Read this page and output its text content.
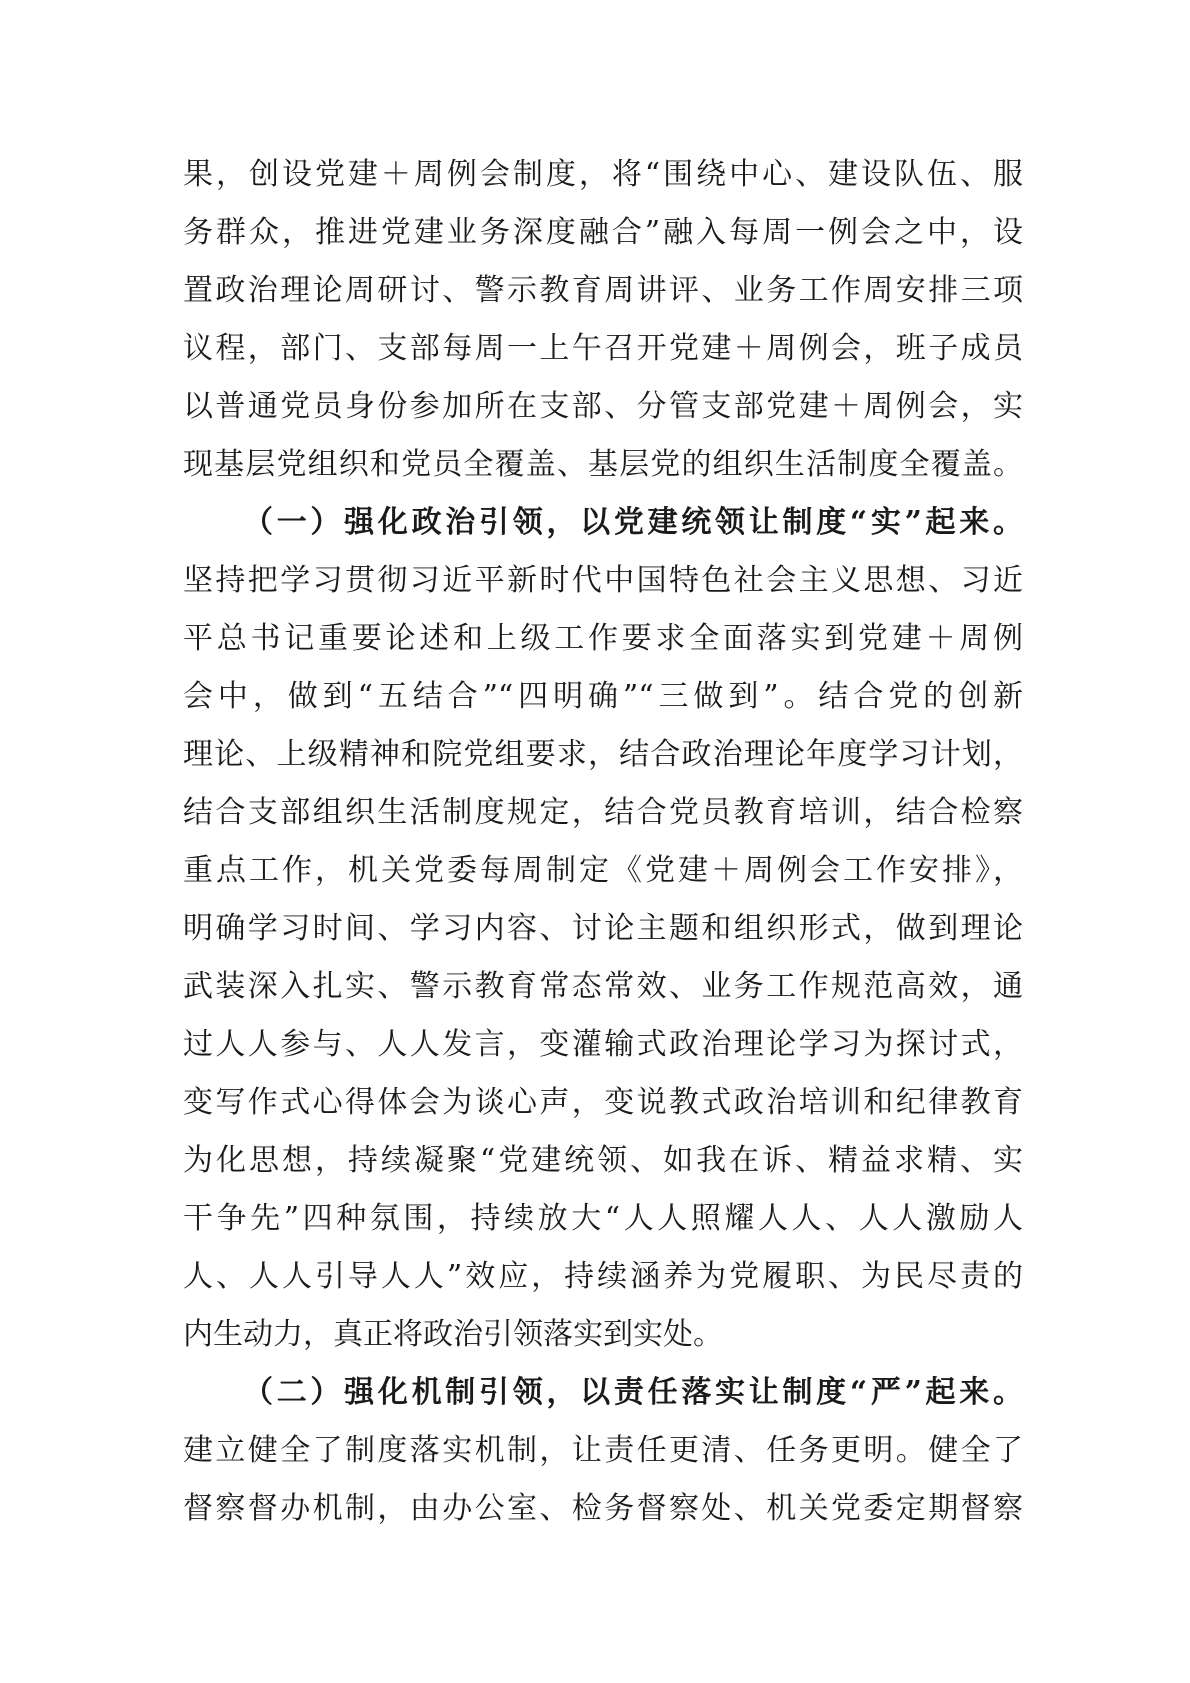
果，创设党建＋周例会制度，将“围绕中心、建设队伍、服
务群众，推进党建业务深度融合”融入每周一例会之中，设
置政治理论周研讨、警示教育周讲评、业务工作周安排三项
议程，部门、支部每周一上午召开党建＋周例会，班子成员
以普通党员身份参加所在支部、分管支部党建＋周例会，实
现基层党组织和党员全覆盖、基层党的组织生活制度全覆盖。
（一）强化政治引领，以党建统领让制度“实”起来。
坚持把学习贯彻习近平新时代中国特色社会主义思想、习近
平总书记重要论述和上级工作要求全面落实到党建＋周例
会中，做到“五结合”“四明确”“三做到”。结合党的创新
理论、上级精神和院党组要求，结合政治理论年度学习计划，
结合支部组织生活制度规定，结合党员教育培训，结合检察
重点工作，机关党委每周制定《党建＋周例会工作安排》，
明确学习时间、学习内容、讨论主题和组织形式，做到理论
武装深入扎实、警示教育常态常效、业务工作规范高效，通
过人人参与、人人发言，变灌输式政治理论学习为探讨式，
变写作式心得体会为谈心声，变说教式政治培训和纪律教育
为化思想，持续凝聚“党建统领、如我在诉、精益求精、实
干争先”四种氛围，持续放大“人人照耀人人、人人激励人
人、人人引导人人”效应，持续涵养为党履职、为民尽责的
内生动力，真正将政治引领落实到实处。
（二）强化机制引领，以责任落实让制度“严”起来。
建立健全了制度落实机制，让责任更清、任务更明。健全了
督察督办机制，由办公室、检务督察处、机关党委定期督察
